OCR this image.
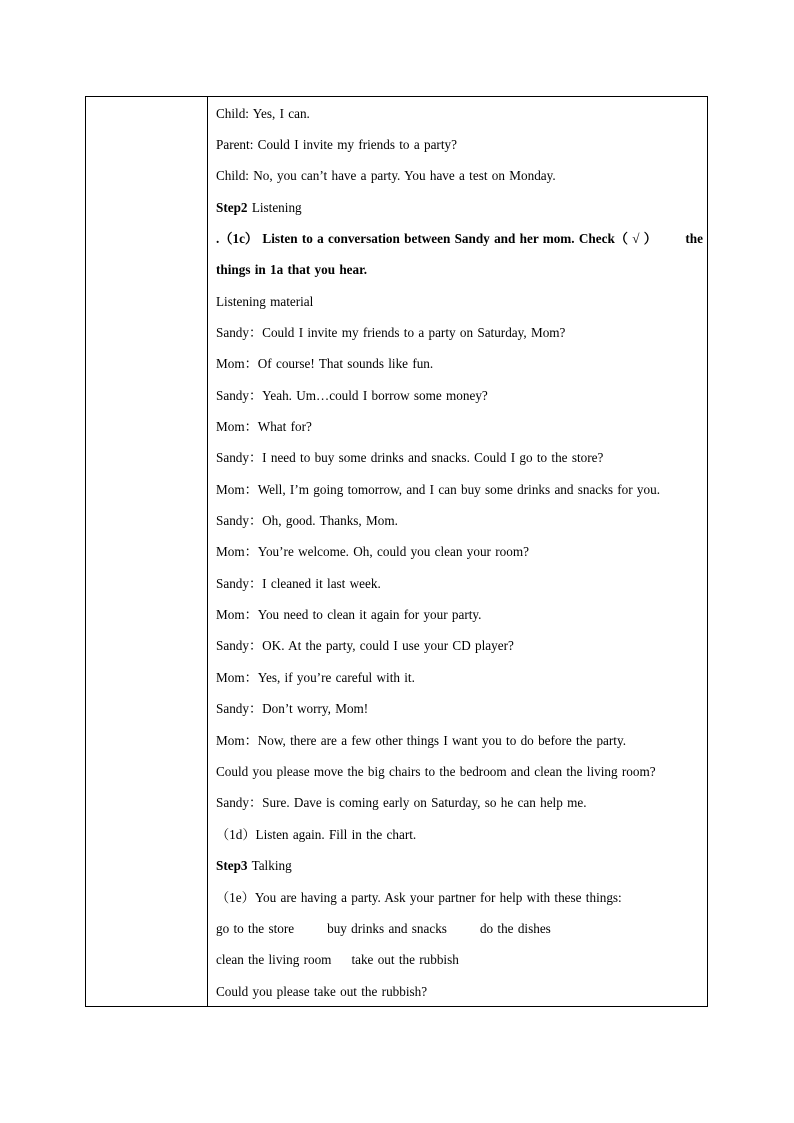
Child: Yes, I can.
Parent: Could I invite my friends to a party?
Child: No, you can’t have a party. You have a test on Monday.
Step2 Listening
.（1c） Listen to a conversation between Sandy and her mom. Check（ √ ） the
things in 1a that you hear.
Listening material
Sandy：Could I invite my friends to a party on Saturday, Mom?
Mom：Of course! That sounds like fun.
Sandy：Yeah. Um…could I borrow some money?
Mom：What for?
Sandy：I need to buy some drinks and snacks. Could I go to the store?
Mom：Well, I’m going tomorrow, and I can buy some drinks and snacks for you.
Sandy：Oh, good. Thanks, Mom.
Mom：You’re welcome. Oh, could you clean your room?
Sandy：I cleaned it last week.
Mom：You need to clean it again for your party.
Sandy：OK. At the party, could I use your CD player?
Mom：Yes, if you’re careful with it.
Sandy：Don’t worry, Mom!
Mom：Now, there are a few other things I want you to do before the party.
Could you please move the big chairs to the bedroom and clean the living room?
Sandy：Sure. Dave is coming early on Saturday, so he can help me.
（1d）Listen again. Fill in the chart.
Step3 Talking
（1e）You are having a party. Ask your partner for help with these things:
go to the store	buy drinks and snacks	do the dishes
clean the living room take out the rubbish
Could you please take out the rubbish?
